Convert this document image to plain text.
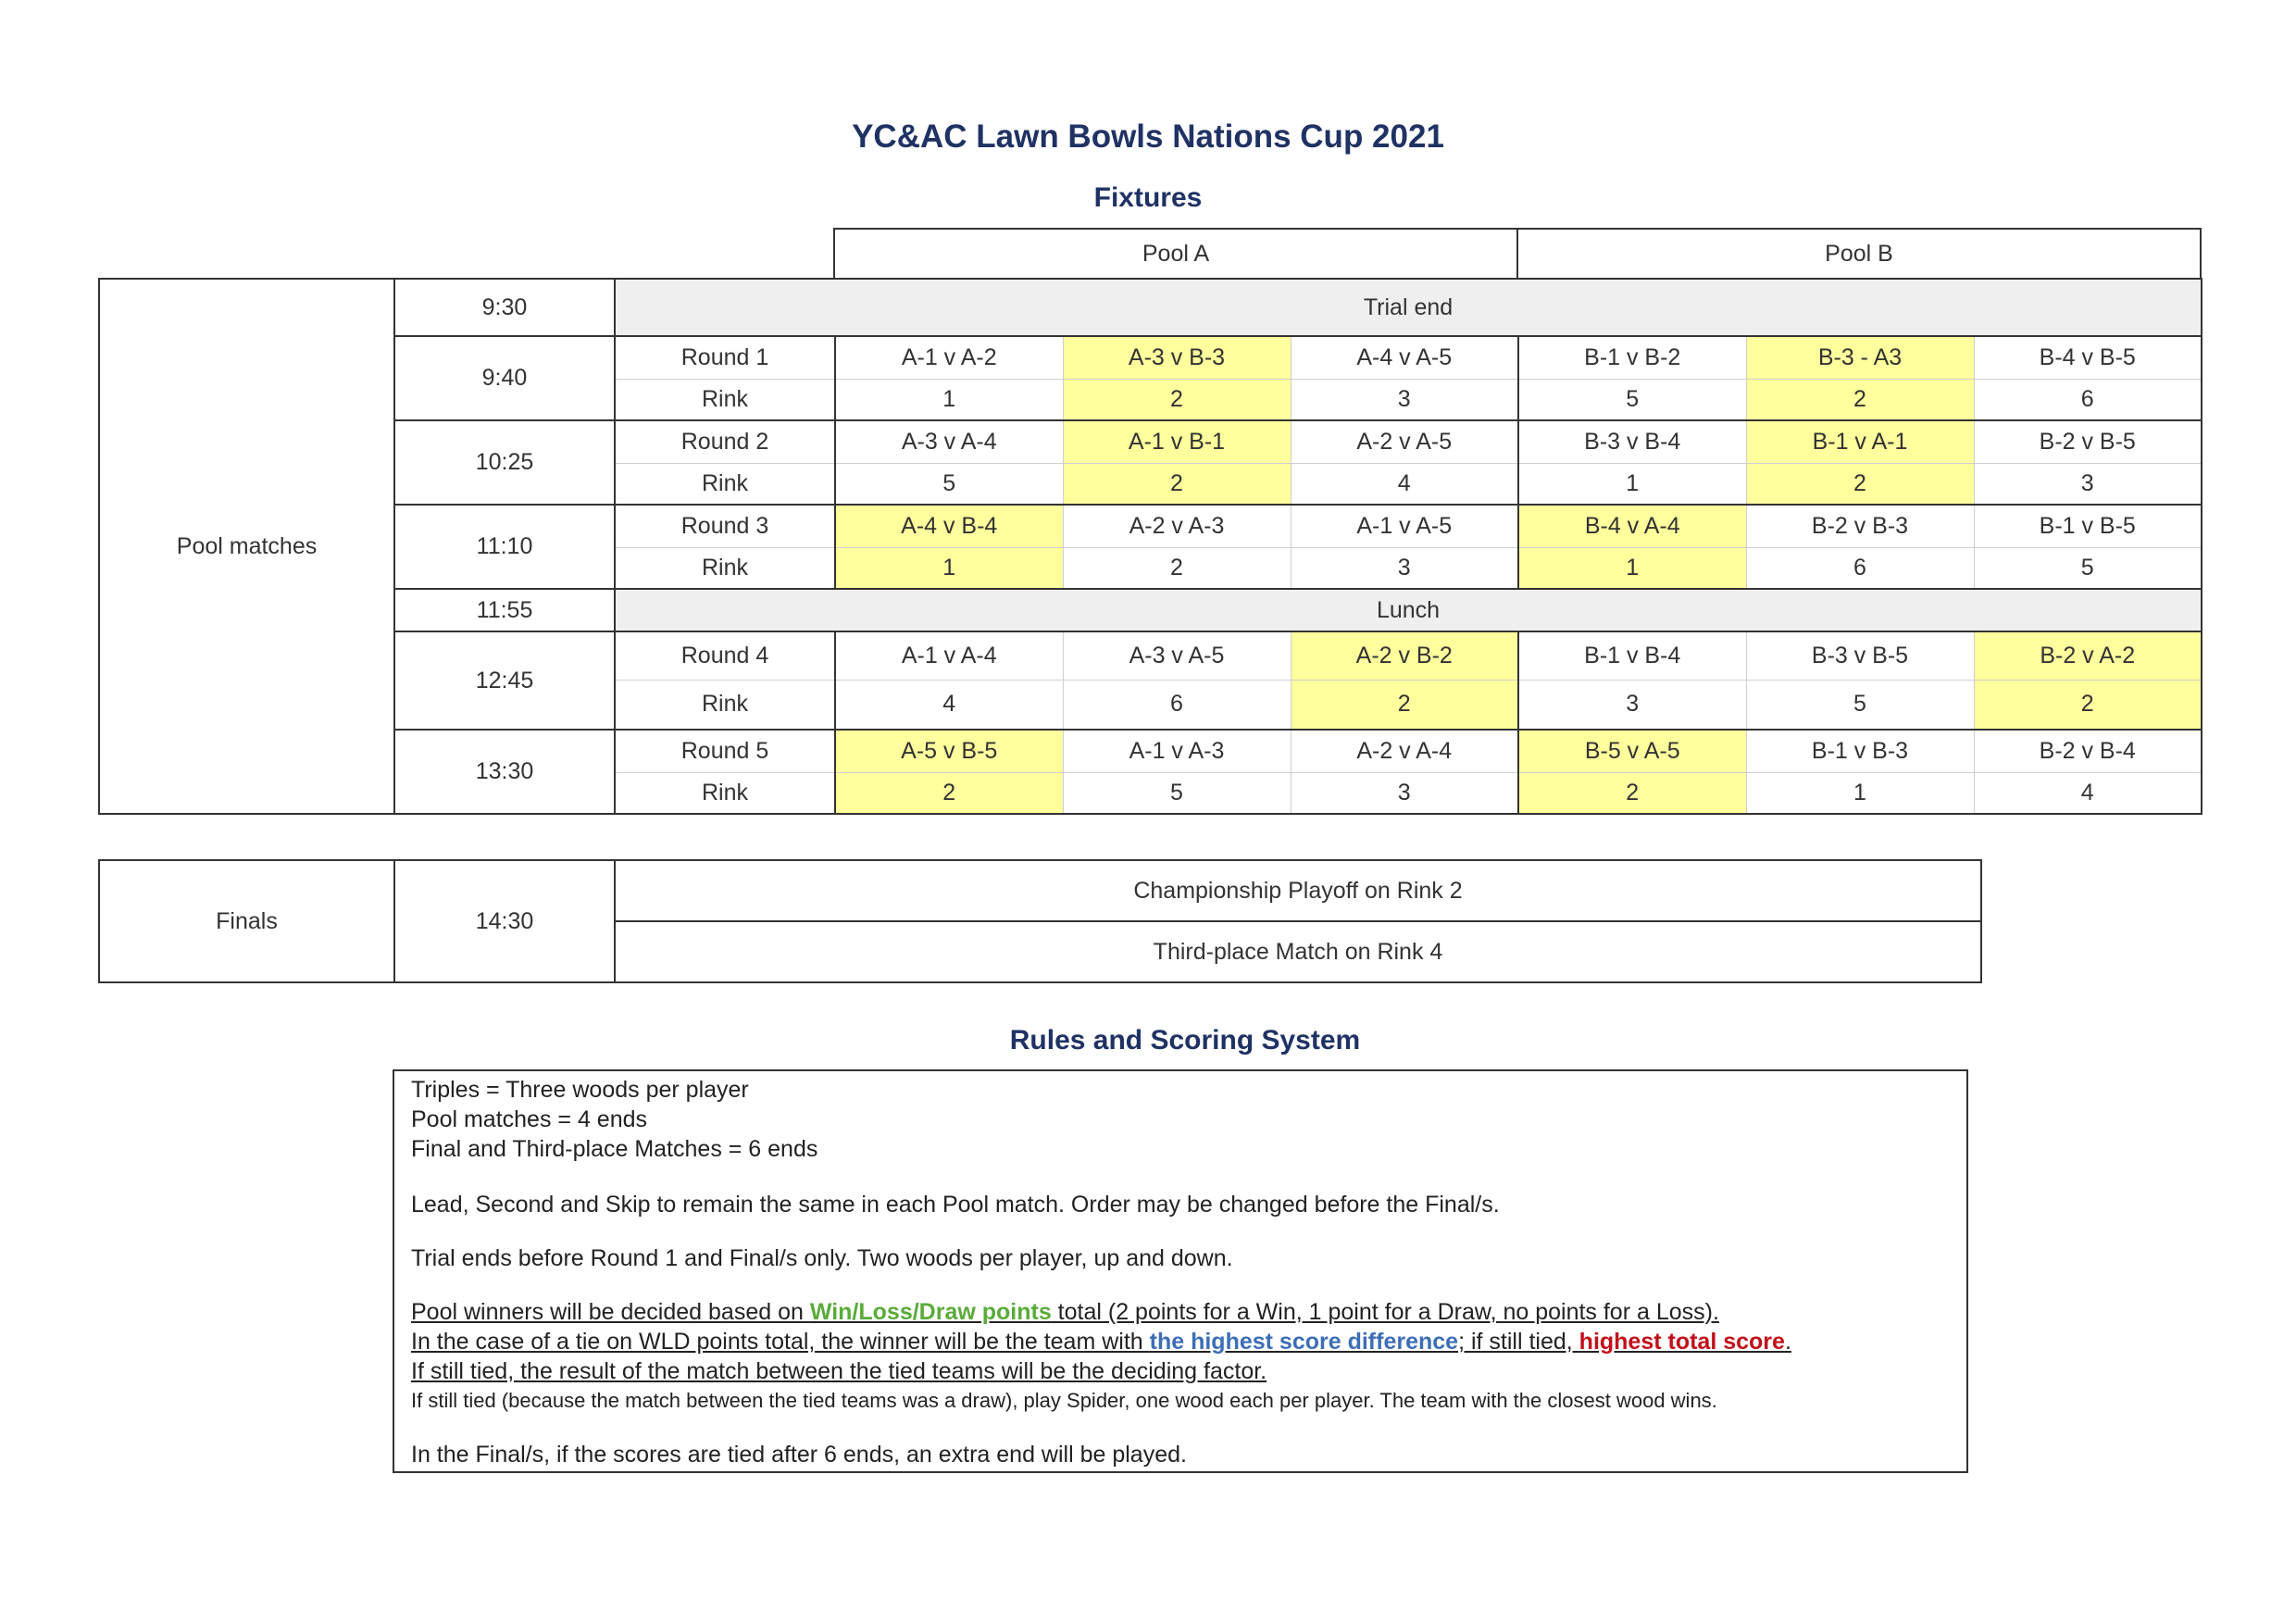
YC&AC Lawn Bowls Nations Cup 2021
Fixtures
			Pool A	Pool B
Pool matches	9:30	Trial end						
	9:40	Round 1	A-1 v A-2	A-3 v B-3	A-4 v A-5	B-1 v B-2	B-3 - A3	B-4 v B-5
		Rink	1	2	3	5	2	6
	10:25	Round 2	A-3 v A-4	A-1 v B-1	A-2 v A-5	B-3 v B-4	B-1 v A-1	B-2 v B-5
		Rink	5	2	4	1	2	3
	11:10	Round 3	A-4 v B-4	A-2 v A-3	A-1 v A-5	B-4 v A-4	B-2 v B-3	B-1 v B-5
		Rink	1	2	3	1	6	5
	11:55	Lunch						
	12:45	Round 4	A-1 v A-4	A-3 v A-5	A-2 v B-2	B-1 v B-4	B-3 v B-5	B-2 v A-2
		Rink	4	6	2	3	5	2
	13:30	Round 5	A-5 v B-5	A-1 v A-3	A-2 v A-4	B-5 v A-5	B-1 v B-3	B-2 v B-4
		Rink	2	5	3	2	1	4
Finals	14:30	Championship Playoff on Rink 2
Third-place Match on Rink 4
Rules and Scoring System
Triples = Three woods per player
Pool matches = 4 ends
Final and Third-place Matches = 6 ends
Lead, Second and Skip to remain the same in each Pool match. Order may be changed before the Final/s.
Trial ends before Round 1 and Final/s only. Two woods per player, up and down.
Pool winners will be decided based on Win/Loss/Draw points total (2 points for a Win, 1 point for a Draw, no points for a Loss).
In the case of a tie on WLD points total, the winner will be the team with the highest score difference; if still tied, highest total score.
If still tied, the result of the match between the tied teams will be the deciding factor.
If still tied (because the match between the tied teams was a draw), play Spider, one wood each per player. The team with the closest wood wins.
In the Final/s, if the scores are tied after 6 ends, an extra end will be played.
